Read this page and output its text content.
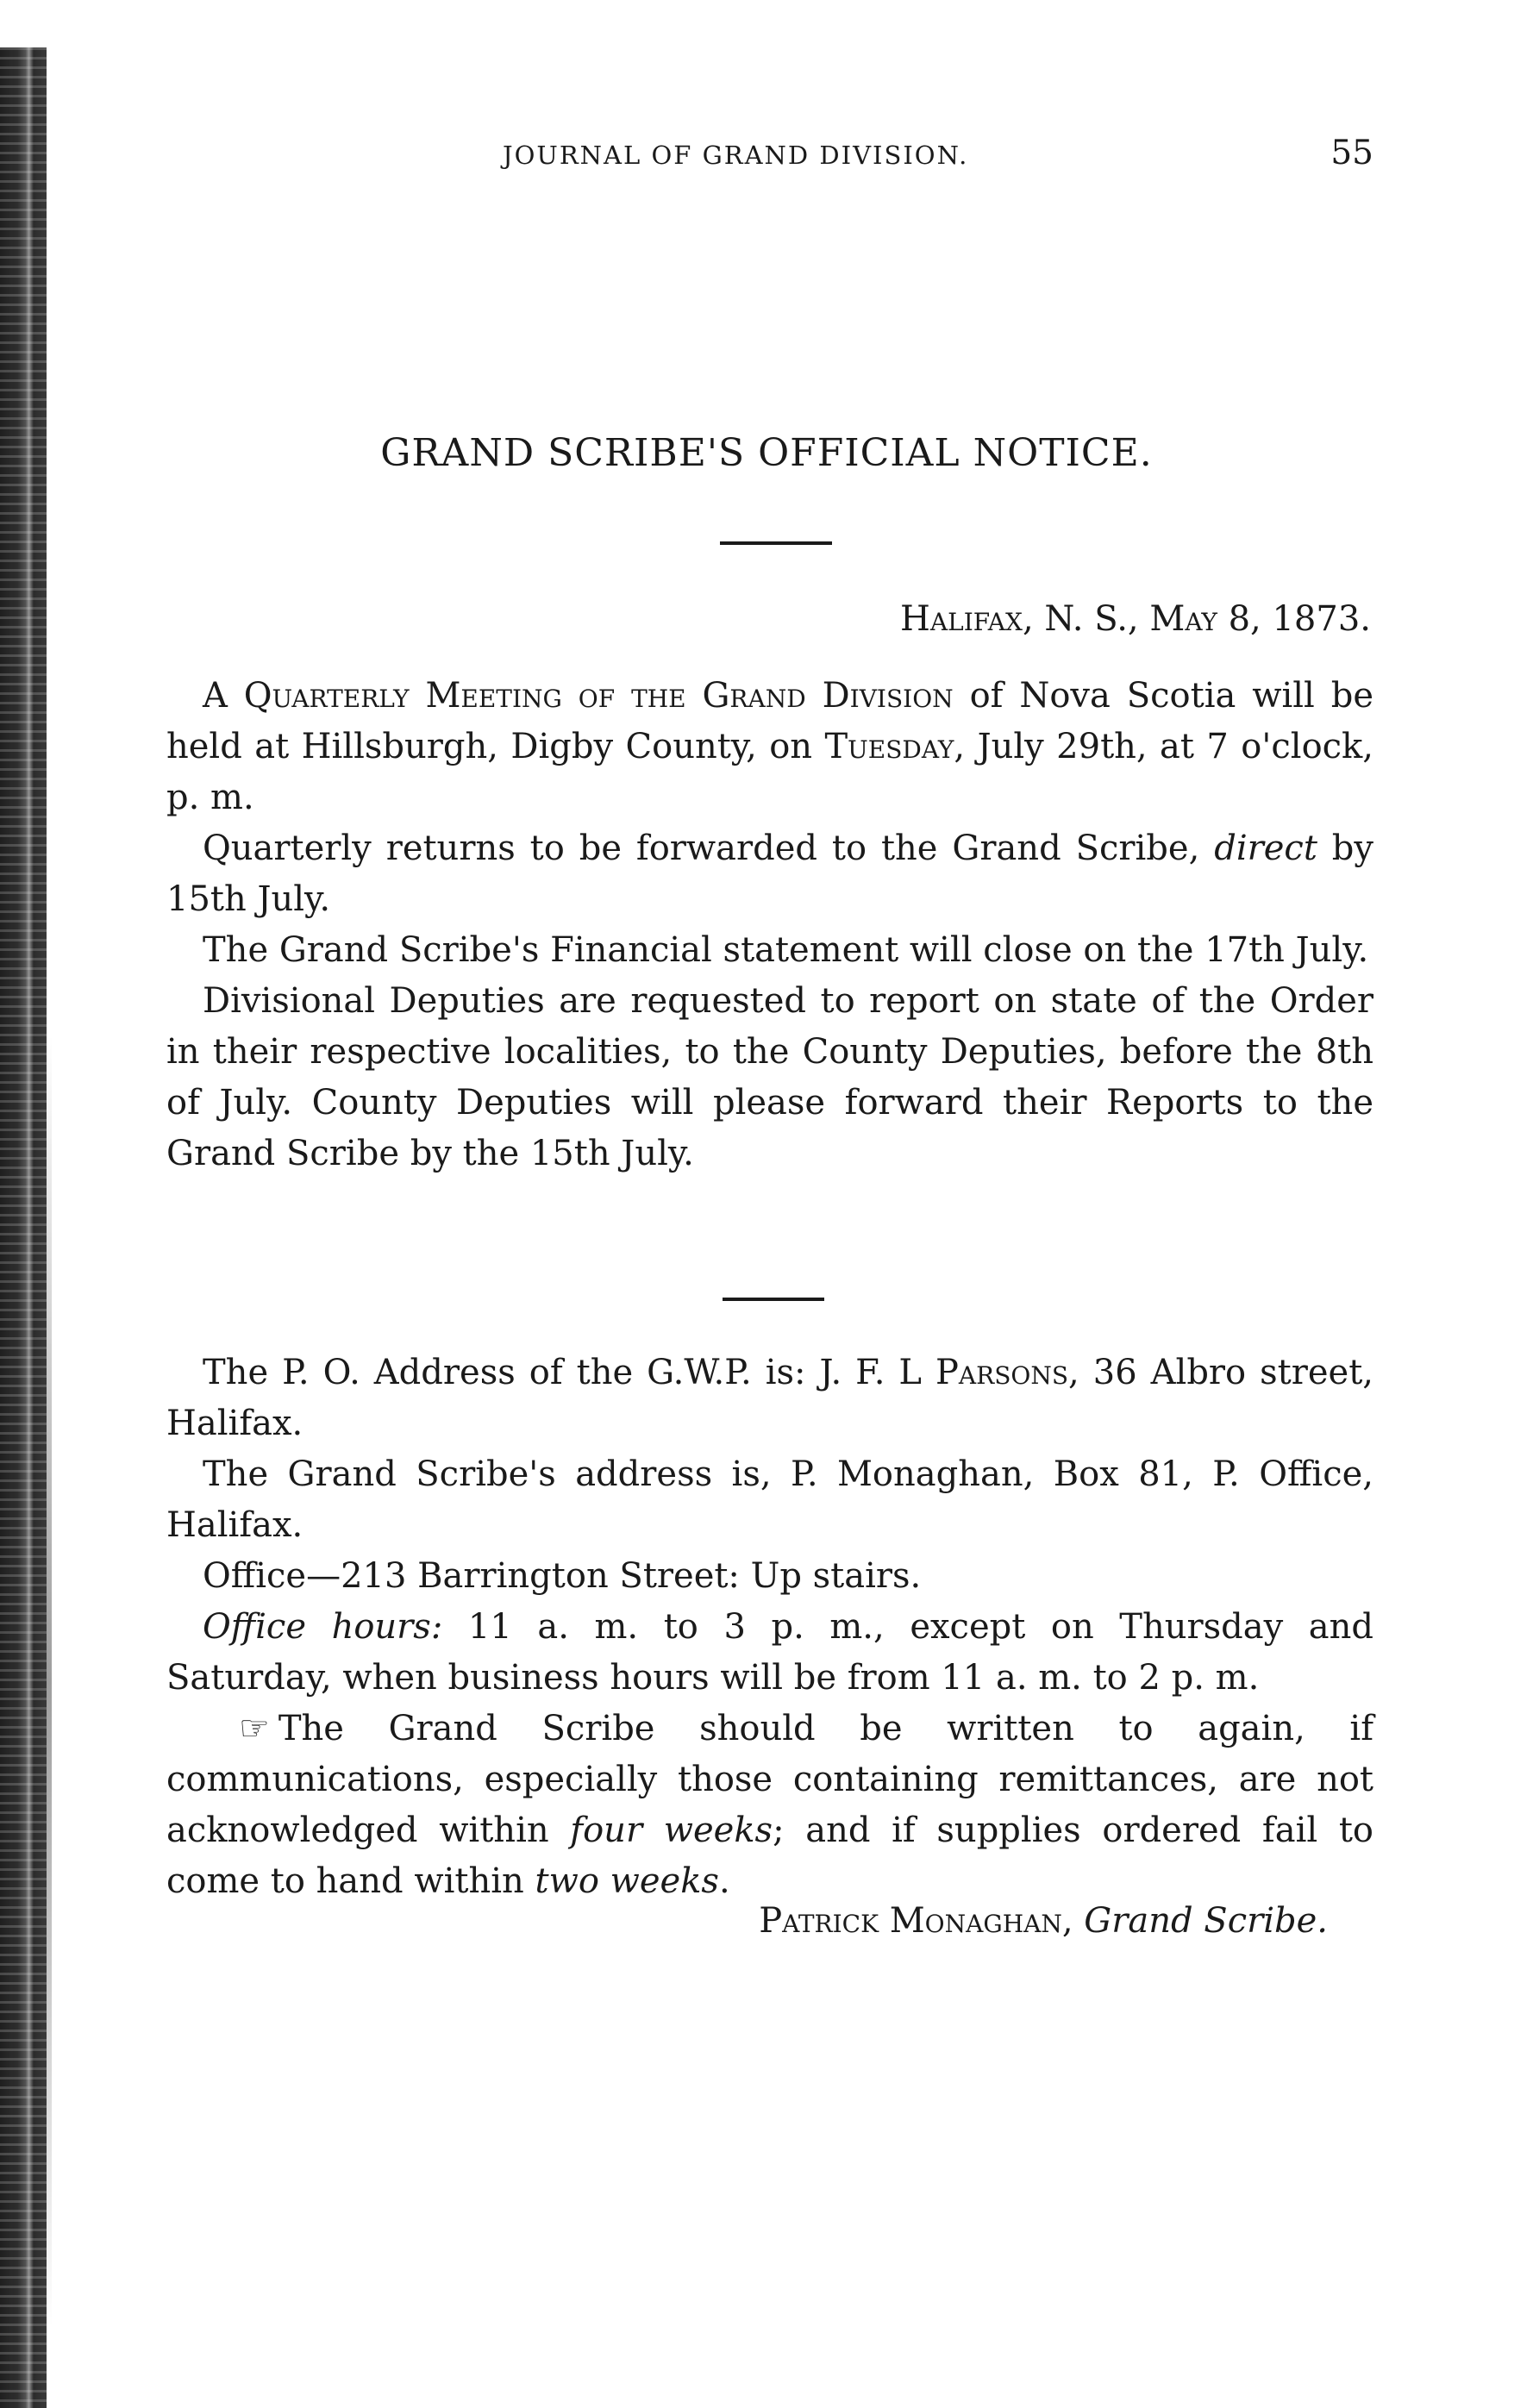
JOURNAL OF GRAND DIVISION.	55
GRAND SCRIBE'S OFFICIAL NOTICE.
Halifax, N. S., May 8, 1873.

A Quarterly Meeting of the Grand Division of Nova Scotia will be held at Hillsburgh, Digby County, on Tuesday, July 29th, at 7 o'clock, p. m.

Quarterly returns to be forwarded to the Grand Scribe, direct by 15th July.

The Grand Scribe's Financial statement will close on the 17th July.

Divisional Deputies are requested to report on state of the Order in their respective localities, to the County Deputies, before the 8th of July. County Deputies will please forward their Reports to the Grand Scribe by the 15th July.

The P. O. Address of the G.W.P. is: J. F. L Parsons, 36 Albro street, Halifax.

The Grand Scribe's address is, P. Monaghan, Box 81, P. Office, Halifax.

Office—213 Barrington Street: Up stairs.

Office hours: 11 a. m. to 3 p. m., except on Thursday and Saturday, when business hours will be from 11 a. m. to 2 p. m.

☞ The Grand Scribe should be written to again, if communications, especially those containing remittances, are not acknowledged within four weeks; and if supplies ordered fail to come to hand within two weeks.

Patrick Monaghan, Grand Scribe.
